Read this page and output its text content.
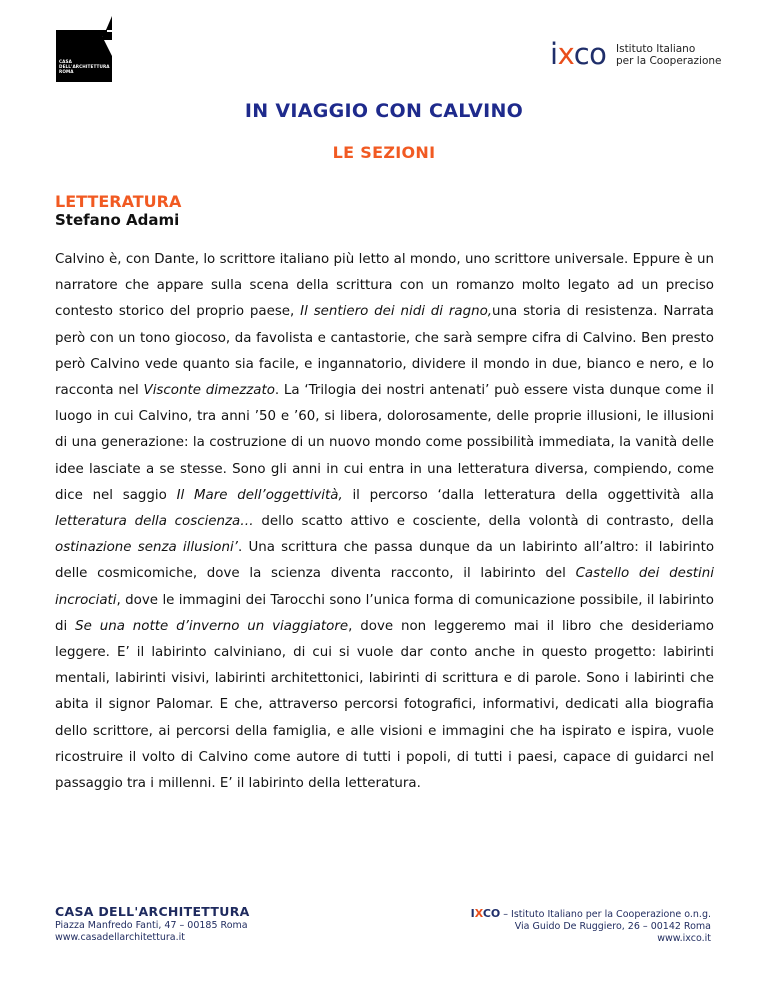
CASA
DELL'ARCHITETTURA
ROMA
ixco Istituto Italiano
per la Cooperazione
IN VIAGGIO CON CALVINO
LE SEZIONI
LETTERATURA
Stefano Adami

Calvino è, con Dante, lo scrittore italiano più letto al mondo, uno scrittore universale. Eppure è un narratore che appare sulla scena della scrittura con un romanzo molto legato ad un preciso contesto storico del proprio paese, Il sentiero dei nidi di ragno,una storia di resistenza. Narrata però con un tono giocoso, da favolista e cantastorie, che sarà sempre cifra di Calvino. Ben presto però Calvino vede quanto sia facile, e ingannatorio, dividere il mondo in due, bianco e nero, e lo racconta nel Visconte dimezzato. La ‘Trilogia dei nostri antenati’ può essere vista dunque come il luogo in cui Calvino, tra anni ’50 e ’60, si libera, dolorosamente, delle proprie illusioni, le illusioni di una generazione: la costruzione di un nuovo mondo come possibilità immediata, la vanità delle idee lasciate a se stesse. Sono gli anni in cui entra in una letteratura diversa, compiendo, come dice nel saggio Il Mare dell’oggettività, il percorso ‘dalla letteratura della oggettività alla letteratura della coscienza… dello scatto attivo e cosciente, della volontà di contrasto, della ostinazione senza illusioni’. Una scrittura che passa dunque da un labirinto all’altro: il labirinto delle cosmicomiche, dove la scienza diventa racconto, il labirinto del Castello dei destini incrociati, dove le immagini dei Tarocchi sono l’unica forma di comunicazione possibile, il labirinto di Se una notte d’inverno un viaggiatore, dove non leggeremo mai il libro che desideriamo leggere. E’ il labirinto calviniano, di cui si vuole dar conto anche in questo progetto: labirinti mentali, labirinti visivi, labirinti architettonici, labirinti di scrittura e di parole. Sono i labirinti che abita il signor Palomar. E che, attraverso percorsi fotografici, informativi, dedicati alla biografia dello scrittore, ai percorsi della famiglia, e alle visioni e immagini che ha ispirato e ispira, vuole ricostruire il volto di Calvino come autore di tutti i popoli, di tutti i paesi, capace di guidarci nel passaggio tra i millenni. E’ il labirinto della letteratura.

CASA DELL'ARCHITETTURA
Piazza Manfredo Fanti, 47 – 00185 Roma
www.casadellarchitettura.it
IXCO – Istituto Italiano per la Cooperazione o.n.g.
Via Guido De Ruggiero, 26 – 00142 Roma
www.ixco.it
